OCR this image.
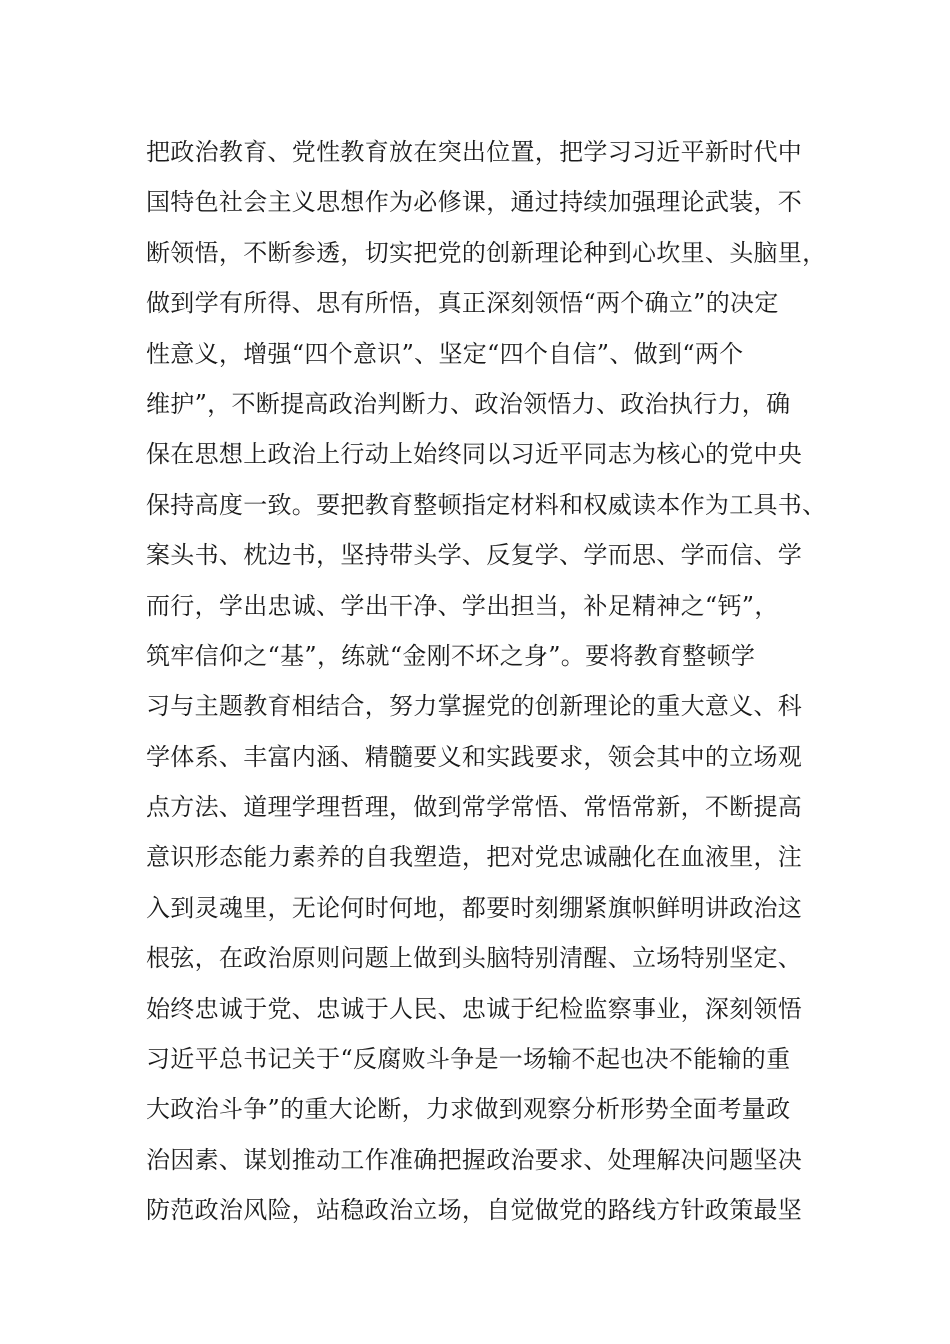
把政治教育、党性教育放在突出位置，把学习习近平新时代中
国特色社会主义思想作为必修课，通过持续加强理论武装，不
断领悟，不断参透，切实把党的创新理论种到心坎里、头脑里，
做到学有所得、思有所悟，真正深刻领悟“两个确立”的决定
性意义，增强“四个意识”、坚定“四个自信”、做到“两个
维护”，不断提高政治判断力、政治领悟力、政治执行力，确
保在思想上政治上行动上始终同以习近平同志为核心的党中央
保持高度一致。要把教育整顿指定材料和权威读本作为工具书、
案头书、枕边书，坚持带头学、反复学、学而思、学而信、学
而行，学出忠诚、学出干净、学出担当，补足精神之“钙”，
筑牢信仰之“基”，练就“金刚不坏之身”。要将教育整顿学
习与主题教育相结合，努力掌握党的创新理论的重大意义、科
学体系、丰富内涵、精髓要义和实践要求，领会其中的立场观
点方法、道理学理哲理，做到常学常悟、常悟常新，不断提高
意识形态能力素养的自我塑造，把对党忠诚融化在血液里，注
入到灵魂里，无论何时何地，都要时刻绷紧旗帜鲜明讲政治这
根弦，在政治原则问题上做到头脑特别清醒、立场特别坚定、
始终忠诚于党、忠诚于人民、忠诚于纪检监察事业，深刻领悟
习近平总书记关于“反腐败斗争是一场输不起也决不能输的重
大政治斗争”的重大论断，力求做到观察分析形势全面考量政
治因素、谋划推动工作准确把握政治要求、处理解决问题坚决
防范政治风险，站稳政治立场，自觉做党的路线方针政策最坚
